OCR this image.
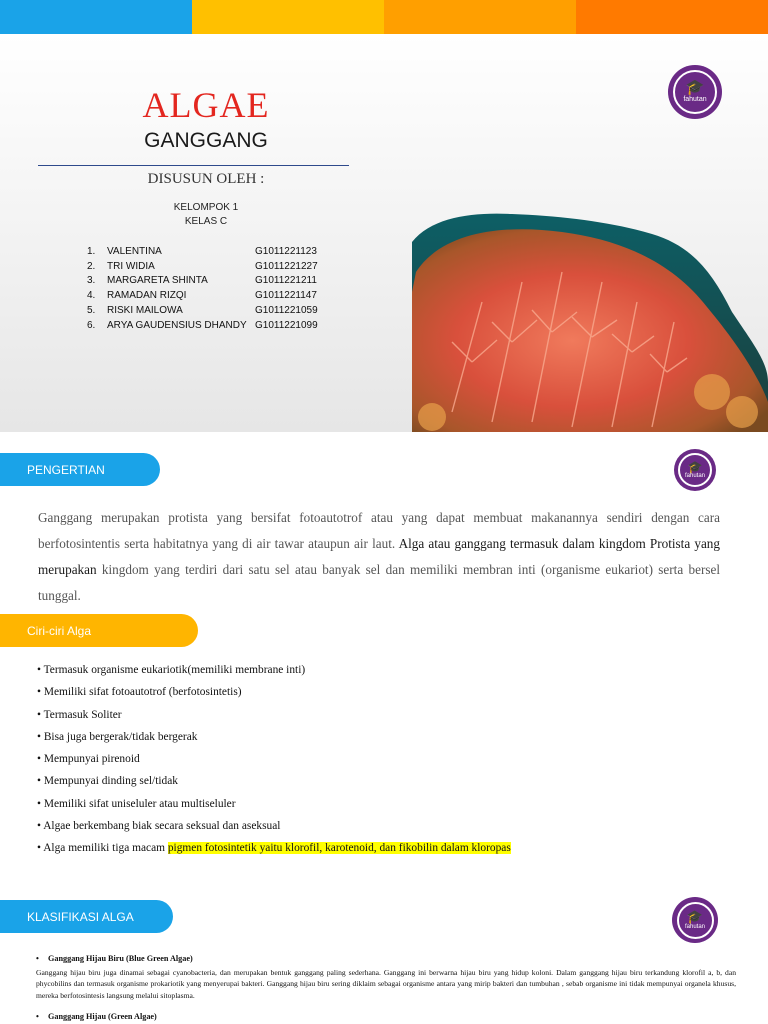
ALGAE
GANGGANG
DISUSUN OLEH :
KELOMPOK 1
KELAS C
1.	VALENTINA	G1011221123
2.	TRI WIDIA	G1011221227
3.	MARGARETA SHINTA	G1011221211
4.	RAMADAN RIZQI	G1011221147
5.	RISKI MAILOWA	G1011221059
6.	ARYA GAUDENSIUS DHANDY G1011221099
🎓
fahutan
PENGERTIAN	🎓
fahutan
Ganggang merupakan protista yang bersifat fotoautotrof atau yang dapat membuat makanannya sendiri dengan cara berfotosintentis serta habitatnya yang di air tawar ataupun air laut. Alga atau ganggang termasuk dalam kingdom Protista yang merupakan kingdom yang terdiri dari satu sel atau banyak sel dan memiliki membran inti (organisme eukariot) serta bersel tunggal.
Ciri-ciri Alga
• Termasuk organisme eukariotik(memiliki membrane inti)
• Memiliki sifat fotoautotrof (berfotosintetis)
• Termasuk Soliter
• Bisa juga bergerak/tidak bergerak
• Mempunyai pirenoid
• Mempunyai dinding sel/tidak
• Memiliki sifat uniseluler atau multiseluler
• Algae berkembang biak secara seksual dan aseksual
• Alga memiliki tiga macam pigmen fotosintetik yaitu klorofil, karotenoid, dan fikobilin dalam kloropas
KLASIFIKASI ALGA	🎓
fahutan
• Ganggang Hijau Biru (Blue Green Algae)
Ganggang hijau biru juga dinamai sebagai cyanobacteria, dan merupakan bentuk ganggang paling sederhana. Ganggang ini berwarna hijau biru yang hidup koloni. Dalam ganggang hijau biru terkandung klorofil a, b, dan phycobilins dan termasuk organisme prokariotik yang menyerupai bakteri. Ganggang hijau biru sering diklaim sebagai organisme antara yang mirip bakteri dan tumbuhan , sebab organisme ini tidak mempunyai organela khusus, mereka berfotosintesis langsung melalui sitoplasma.
• Ganggang Hijau (Green Algae)
